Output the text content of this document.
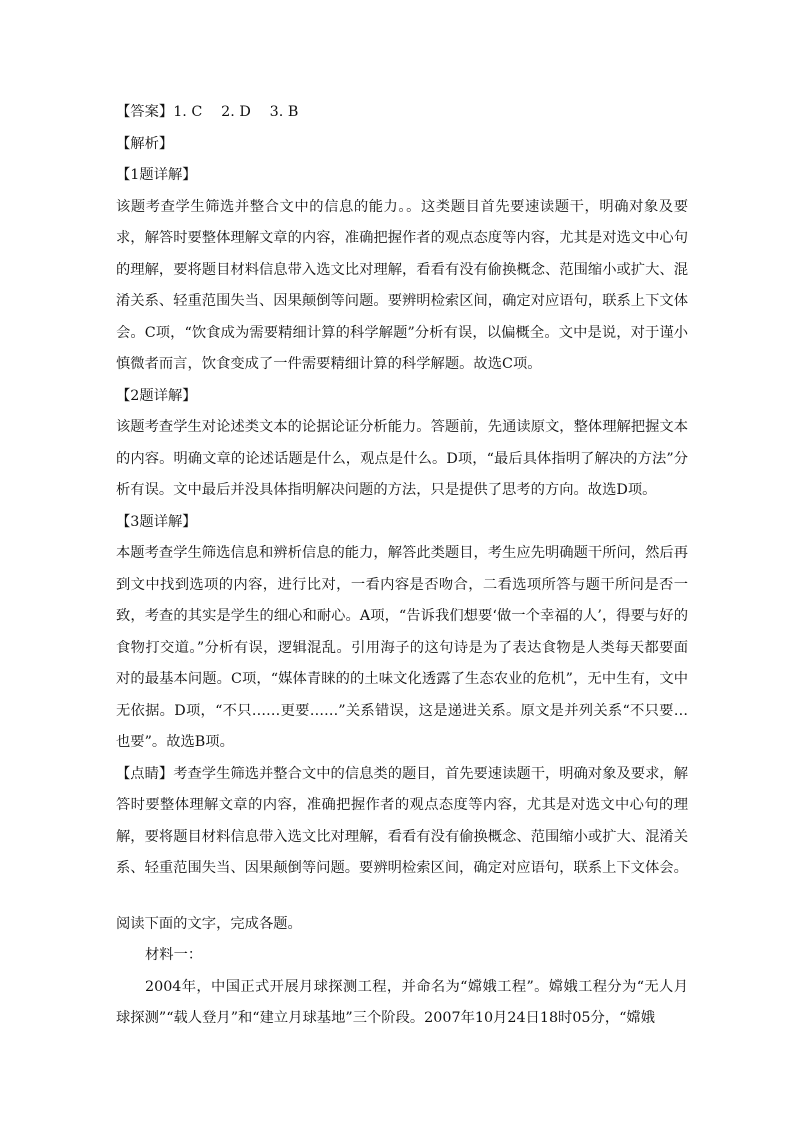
【答案】1. C　 2. D　 3. B

【解析】

【1题详解】

该题考查学生筛选并整合文中的信息的能力。。这类题目首先要速读题干，明确对象及要求，解答时要整体理解文章的内容，准确把握作者的观点态度等内容，尤其是对选文中心句的理解，要将题目材料信息带入选文比对理解，看看有没有偷换概念、范围缩小或扩大、混淆关系、轻重范围失当、因果颠倒等问题。要辨明检索区间，确定对应语句，联系上下文体会。C项，“饮食成为需要精细计算的科学解题”分析有误，以偏概全。文中是说，对于谨小慎微者而言，饮食变成了一件需要精细计算的科学解题。故选C项。

【2题详解】

该题考查学生对论述类文本的论据论证分析能力。答题前，先通读原文，整体理解把握文本的内容。明确文章的论述话题是什么，观点是什么。D项，“最后具体指明了解决的方法”分析有误。文中最后并没具体指明解决问题的方法，只是提供了思考的方向。故选D项。

【3题详解】

本题考查学生筛选信息和辨析信息的能力，解答此类题目，考生应先明确题干所问，然后再到文中找到选项的内容，进行比对，一看内容是否吻合，二看选项所答与题干所问是否一致，考查的其实是学生的细心和耐心。A项，“告诉我们想要‘做一个幸福的人’，得要与好的食物打交道。”分析有误，逻辑混乱。引用海子的这句诗是为了表达食物是人类每天都要面对的最基本问题。C项，“媒体青睐的的土味文化透露了生态农业的危机”，无中生有，文中无依据。D项，“不只……更要……”关系错误，这是递进关系。原文是并列关系“不只要…也要”。故选B项。

【点睛】考查学生筛选并整合文中的信息类的题目，首先要速读题干，明确对象及要求，解答时要整体理解文章的内容，准确把握作者的观点态度等内容，尤其是对选文中心句的理解，要将题目材料信息带入选文比对理解，看看有没有偷换概念、范围缩小或扩大、混淆关系、轻重范围失当、因果颠倒等问题。要辨明检索区间，确定对应语句，联系上下文体会。

阅读下面的文字，完成各题。

材料一：

2004年，中国正式开展月球探测工程，并命名为“嫦娥工程”。嫦娥工程分为“无人月球探测”“载人登月”和“建立月球基地”三个阶段。2007年10月24日18时05分，“嫦娥
